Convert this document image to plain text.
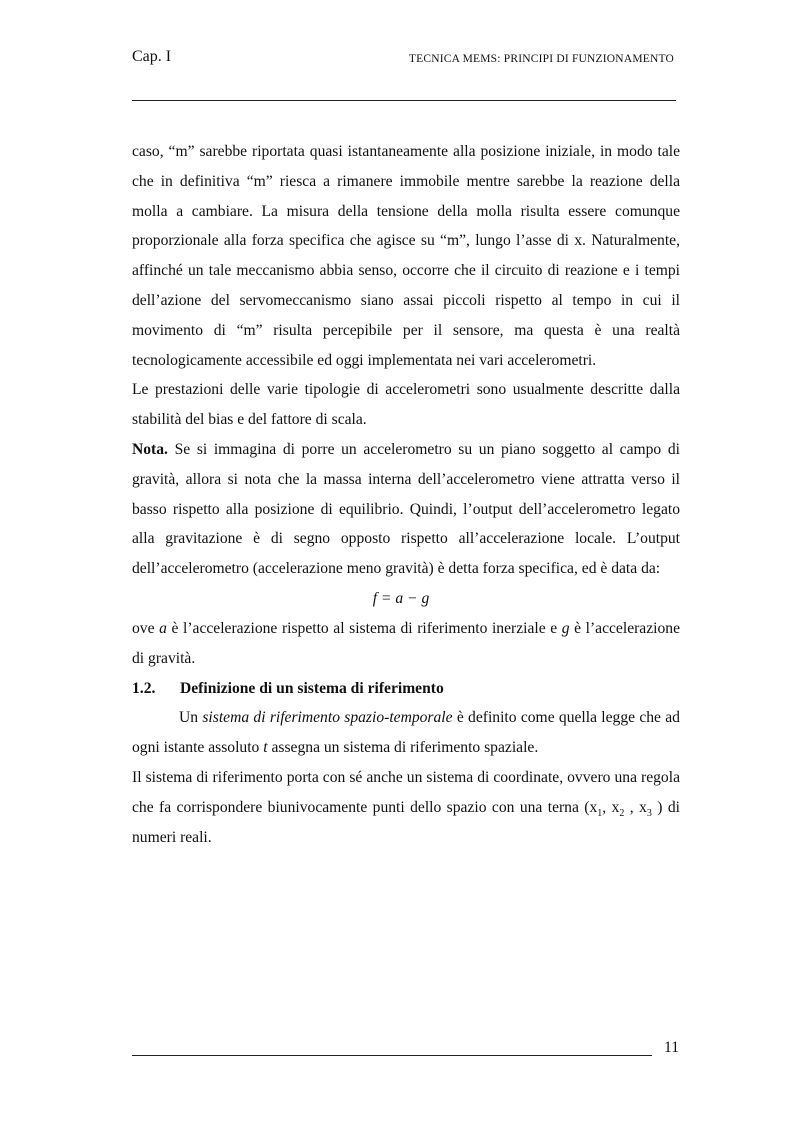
Cap. I	TECNICA MEMS: PRINCIPI DI FUNZIONAMENTO

caso, “m” sarebbe riportata quasi istantaneamente alla posizione iniziale, in modo tale che in definitiva “m” riesca a rimanere immobile mentre sarebbe la reazione della molla a cambiare. La misura della tensione della molla risulta essere comunque proporzionale alla forza specifica che agisce su “m”, lungo l’asse di x. Naturalmente, affinché un tale meccanismo abbia senso, occorre che il circuito di reazione e i tempi dell’azione del servomeccanismo siano assai piccoli rispetto al tempo in cui il movimento di “m” risulta percepibile per il sensore, ma questa è una realtà tecnologicamente accessibile ed oggi implementata nei vari accelerometri.

Le prestazioni delle varie tipologie di accelerometri sono usualmente descritte dalla stabilità del bias e del fattore di scala.

Nota. Se si immagina di porre un accelerometro su un piano soggetto al campo di gravità, allora si nota che la massa interna dell’accelerometro viene attratta verso il basso rispetto alla posizione di equilibrio. Quindi, l’output dell’accelerometro legato alla gravitazione è di segno opposto rispetto all’accelerazione locale. L’output dell’accelerometro (accelerazione meno gravità) è detta forza specifica, ed è data da:

f = a − g

ove a è l’accelerazione rispetto al sistema di riferimento inerziale e g è l’accelerazione di gravità.

1.2. Definizione di un sistema di riferimento

Un sistema di riferimento spazio-temporale è definito come quella legge che ad ogni istante assoluto t assegna un sistema di riferimento spaziale.

Il sistema di riferimento porta con sé anche un sistema di coordinate, ovvero una regola che fa corrispondere biunivocamente punti dello spazio con una terna ($x_1$, $x_2$ , $x_3$ ) di numeri reali.

11
